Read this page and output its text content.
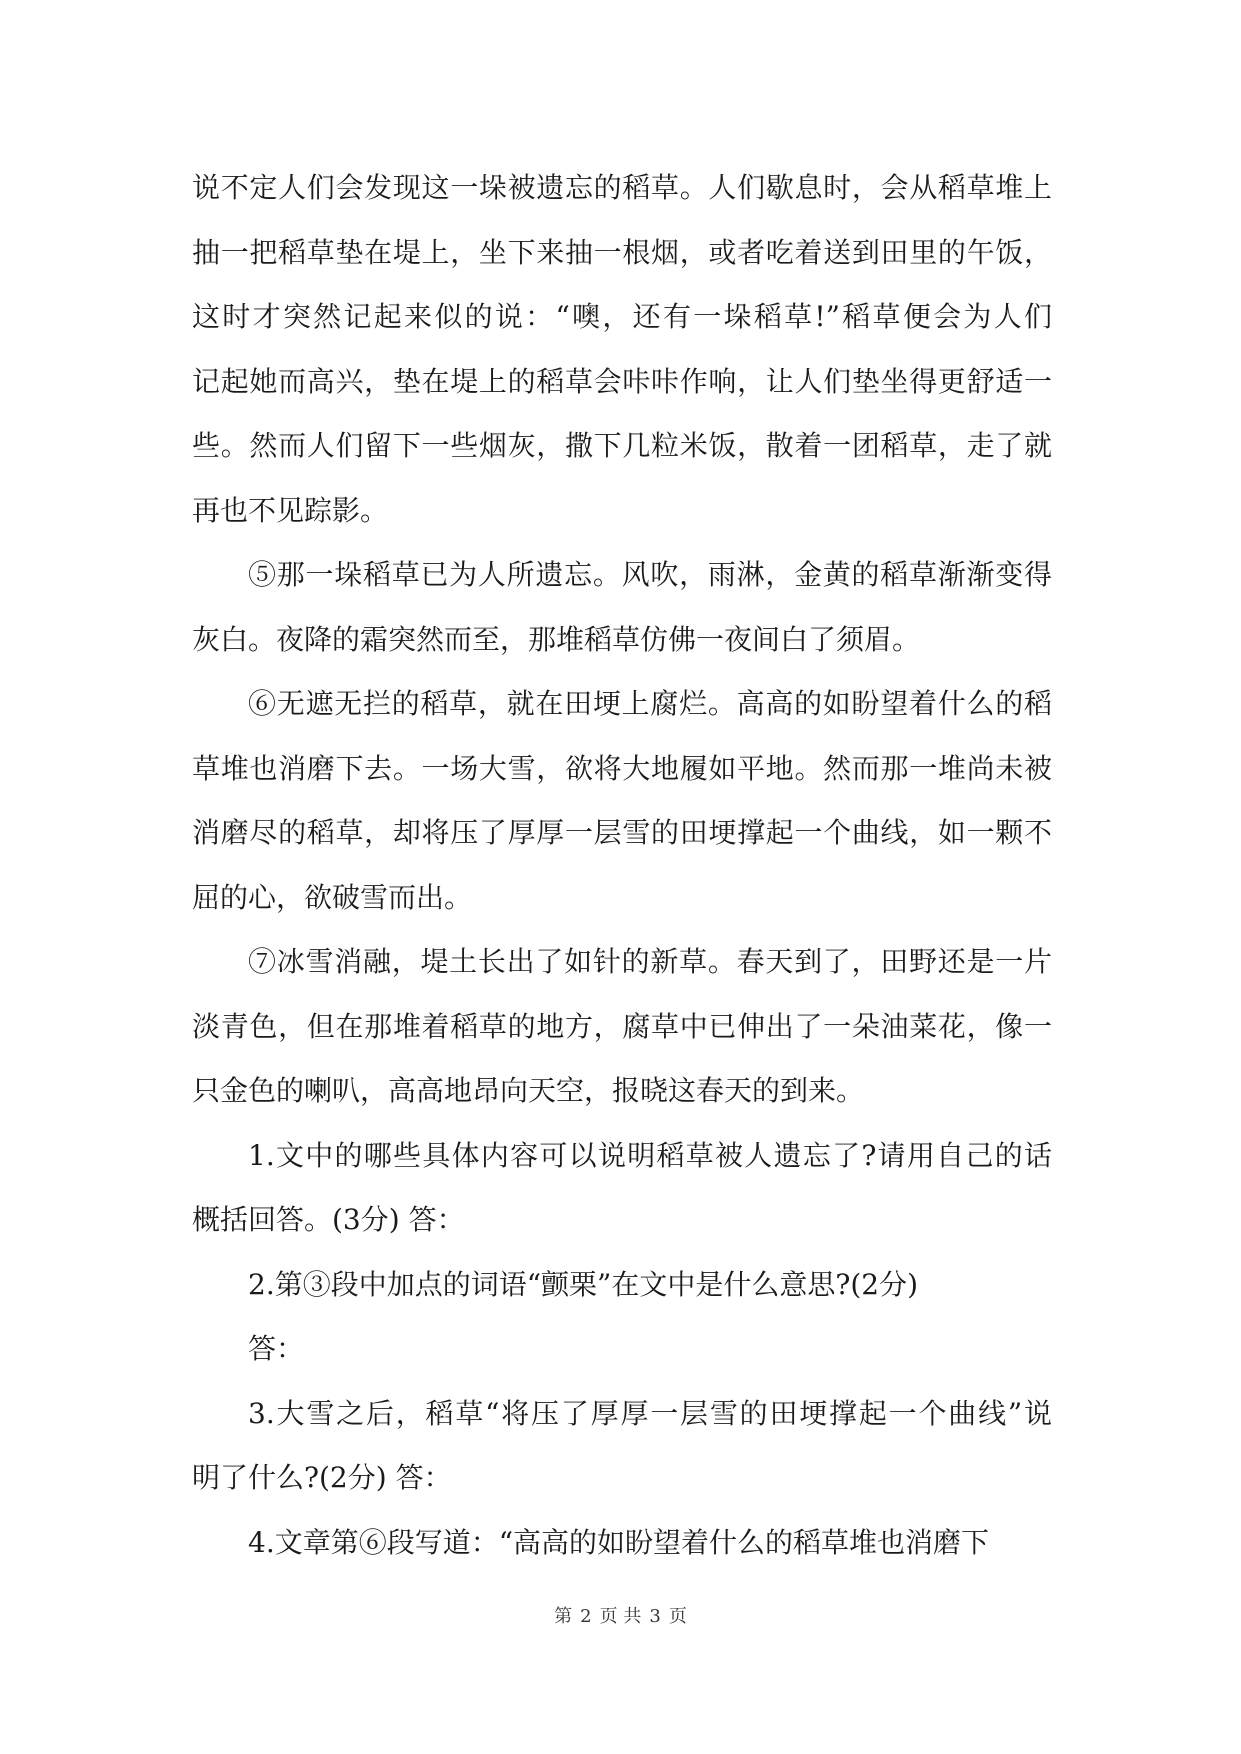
说不定人们会发现这一垛被遗忘的稻草。人们歇息时，会从稻草堆上
抽一把稻草垫在堤上，坐下来抽一根烟，或者吃着送到田里的午饭，
这时才突然记起来似的说：“噢，还有一垛稻草!”稻草便会为人们
记起她而高兴，垫在堤上的稻草会咔咔作响，让人们垫坐得更舒适一
些。然而人们留下一些烟灰，撒下几粒米饭，散着一团稻草，走了就
再也不见踪影。
⑤那一垛稻草已为人所遗忘。风吹，雨淋，金黄的稻草渐渐变得
灰白。夜降的霜突然而至，那堆稻草仿佛一夜间白了须眉。
⑥无遮无拦的稻草，就在田埂上腐烂。高高的如盼望着什么的稻
草堆也消磨下去。一场大雪，欲将大地履如平地。然而那一堆尚未被
消磨尽的稻草，却将压了厚厚一层雪的田埂撑起一个曲线，如一颗不
屈的心，欲破雪而出。
⑦冰雪消融，堤土长出了如针的新草。春天到了，田野还是一片
淡青色，但在那堆着稻草的地方，腐草中已伸出了一朵油菜花，像一
只金色的喇叭，高高地昂向天空，报晓这春天的到来。
1.文中的哪些具体内容可以说明稻草被人遗忘了?请用自己的话
概括回答。(3分) 答：
2.第③段中加点的词语“颤栗”在文中是什么意思?(2分)
答：
3.大雪之后，稻草“将压了厚厚一层雪的田埂撑起一个曲线”说
明了什么?(2分) 答：
4.文章第⑥段写道：“高高的如盼望着什么的稻草堆也消磨下
第 2 页 共 3 页
